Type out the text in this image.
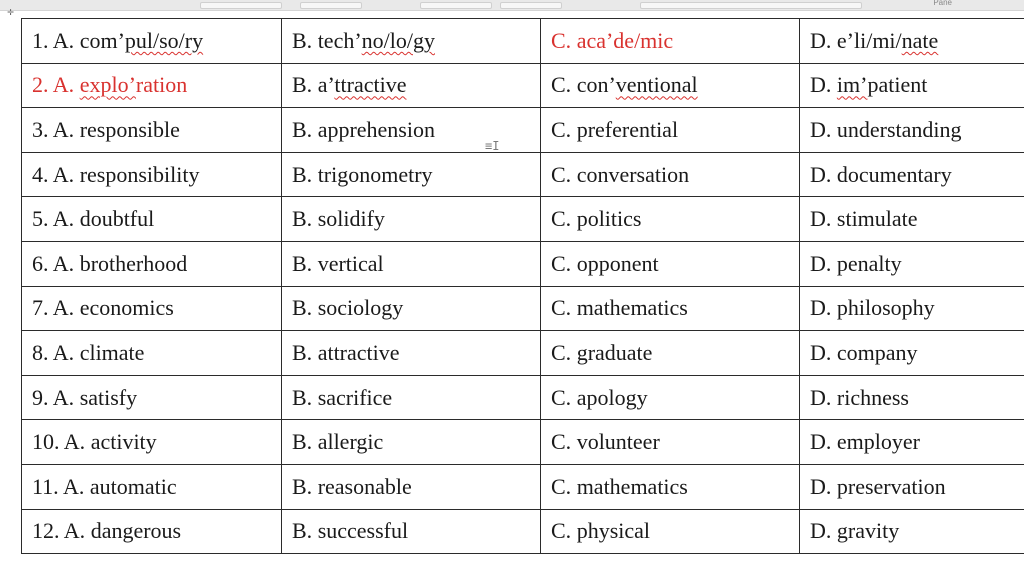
Pane
✛
1. A. com’pul/so/ry	B. tech’no/lo/gy	C. aca’de/mic	D. e’li/mi/nate
2. A. explo’ration	B. a’ttractive	C. con’ventional	D. im’patient
3. A. responsible	B. apprehension	C. preferential	D. understanding
4. A. responsibility	B. trigonometry	C. conversation	D. documentary
5. A. doubtful	B. solidify	C. politics	D. stimulate
6. A. brotherhood	B. vertical	C. opponent	D. penalty
7. A. economics	B. sociology	C. mathematics	D. philosophy
8. A. climate	B. attractive	C. graduate	D. company
9. A. satisfy	B. sacrifice	C. apology	D. richness
10. A. activity	B. allergic	C. volunteer	D. employer
11. A. automatic	B. reasonable	C. mathematics	D. preservation
12. A. dangerous	B. successful	C. physical	D. gravity
≡I
